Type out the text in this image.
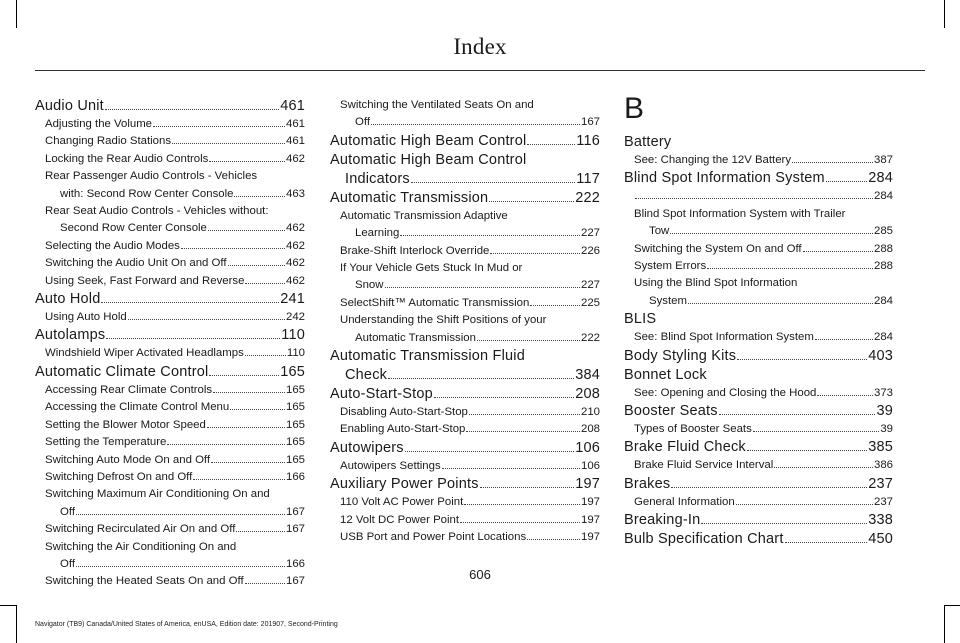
Index
Audio Unit	461
Adjusting the Volume	461
Changing Radio Stations	461
Locking the Rear Audio Controls	462
Rear Passenger Audio Controls - Vehicles
with: Second Row Center Console	463
Rear Seat Audio Controls - Vehicles without:
Second Row Center Console	462
Selecting the Audio Modes	462
Switching the Audio Unit On and Off	462
Using Seek, Fast Forward and Reverse	462
Auto Hold	241
Using Auto Hold	242
Autolamps	110
Windshield Wiper Activated Headlamps	110
Automatic Climate Control	165
Accessing Rear Climate Controls	165
Accessing the Climate Control Menu	165
Setting the Blower Motor Speed	165
Setting the Temperature	165
Switching Auto Mode On and Off	165
Switching Defrost On and Off	166
Switching Maximum Air Conditioning On and
Off	167
Switching Recirculated Air On and Off	167
Switching the Air Conditioning On and
Off	166
Switching the Heated Seats On and Off	167
Switching the Ventilated Seats On and
Off	167
Automatic High Beam Control	116
Automatic High Beam Control
Indicators	117
Automatic Transmission	222
Automatic Transmission Adaptive
Learning	227
Brake-Shift Interlock Override	226
If Your Vehicle Gets Stuck In Mud or
Snow	227
SelectShift™ Automatic Transmission	225
Understanding the Shift Positions of your
Automatic Transmission	222
Automatic Transmission Fluid
Check	384
Auto-Start-Stop	208
Disabling Auto-Start-Stop	210
Enabling Auto-Start-Stop	208
Autowipers	106
Autowipers Settings	106
Auxiliary Power Points	197
110 Volt AC Power Point	197
12 Volt DC Power Point	197
USB Port and Power Point Locations	197
B
Battery
See: Changing the 12V Battery	387
Blind Spot Information System	284
284
Blind Spot Information System with Trailer
Tow	285
Switching the System On and Off	288
System Errors	288
Using the Blind Spot Information
System	284
BLIS
See: Blind Spot Information System	284
Body Styling Kits	403
Bonnet Lock
See: Opening and Closing the Hood	373
Booster Seats	39
Types of Booster Seats	39
Brake Fluid Check	385
Brake Fluid Service Interval	386
Brakes	237
General Information	237
Breaking-In	338
Bulb Specification Chart	450
606
Navigator (TB9) Canada/United States of America, enUSA, Edition date: 201907, Second-Printing
